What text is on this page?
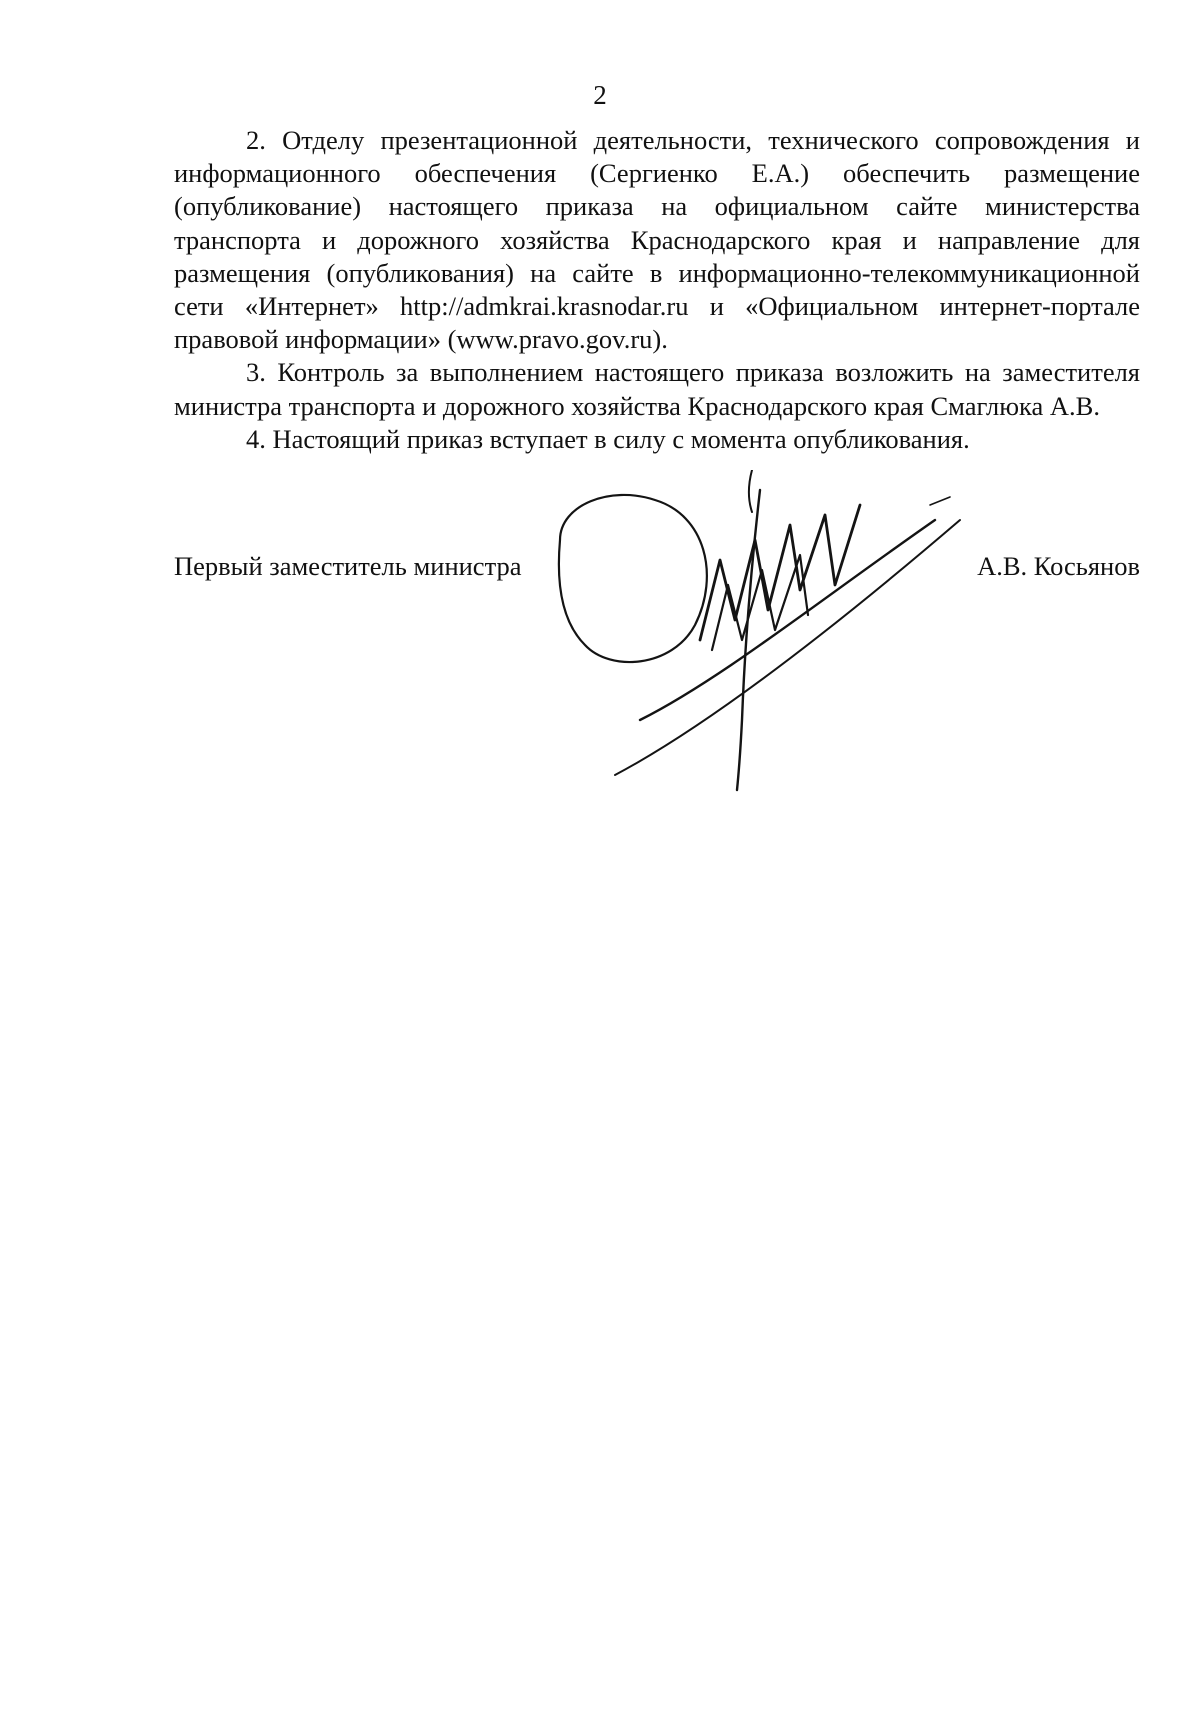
2

2. Отделу презентационной деятельности, технического сопровождения и информационного обеспечения (Сергиенко Е.А.) обеспечить размещение (опубликование) настоящего приказа на официальном сайте министерства транспорта и дорожного хозяйства Краснодарского края и направление для размещения (опубликования) на сайте в информационно-телекоммуникационной сети «Интернет» http://admkrai.krasnodar.ru и «Официальном интернет-портале правовой информации» (www.pravo.gov.ru).

3. Контроль за выполнением настоящего приказа возложить на заместителя министра транспорта и дорожного хозяйства Краснодарского края Смаглюка А.В.

4. Настоящий приказ вступает в силу с момента опубликования.

Первый заместитель министра	А.В. Косьянов
